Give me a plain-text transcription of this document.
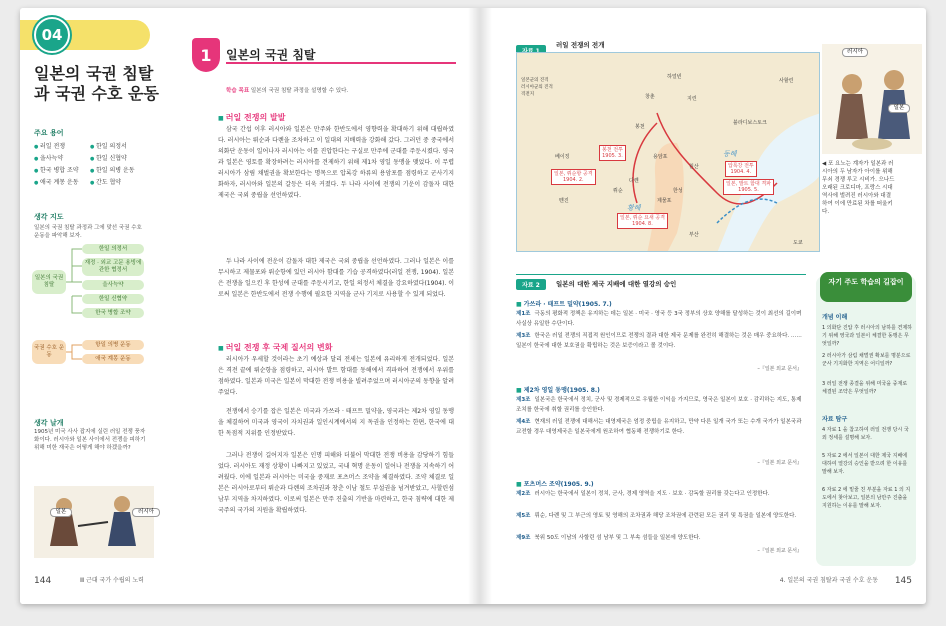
04
일본의 국권 침탈과 국권 수호 운동
주요 용어
● 러일 전쟁	● 한일 의정서
● 을사늑약	● 한일 신협약
● 한국 병합 조약	● 한일 의병 운동
● 애국 계몽 운동	● 간도 협약
생각 지도
일본의 국권 침탈 과정과 그에 맞선 국권 수호 운동을 파악해 보자.
일본의 국권 침탈
한일 의정서
재정 · 외교 고문 용빙에 관한 협정서
을사늑약
한일 신협약
한국 병합 조약
국권 수호 운동
항일 의병 운동
애국 계몽 운동
생각 날개
1905년 미국 사사 잡지에 실린 러일 전쟁 풍자화이다. 러시아와 일본 사이에서 전쟁을 피하기 위해 미한 재국은 어떻게 해야 하겠을까?
일본	러시아
144	Ⅲ 근대 국가 수립의 노력
1	일본의 국권 침탈
학습 목표 일본의 국권 침탈 과정을 설명할 수 있다.
■ 러일 전쟁의 발발
삼국 간섭 이후 러시아와 일본은 만주와 한반도에서 영향력을 확대하기 위해 대립하였다. 러시아는 뤼순과 다롄을 조차하고 이 일대의 지배력을 강화해 갔다. 그러던 중 중국에서 의화단 운동이 일어나자 러시아는 이를 진압한다는 구실로 만주에 군대를 주둔시켰다. 영국과 일본은 영토를 확장하려는 러시아를 견제하기 위해 제1차 영일 동맹을 맺었다. 이 무렵 러시아가 삼림 채벌권을 확보한다는 명목으로 압록강 하류의 용암포를 점령하고 군사기지화하자, 러시아와 일본의 갈등은 더욱 커졌다. 두 나라 사이에 전쟁의 기운이 감돌자 대한 제국은 국외 중립을 선언하였다.
두 나라 사이에 전운이 감돌자 대한 제국은 국외 중립을 선언하였다. 그러나 일본은 이를 무시하고 제물포와 뤼순항에 있던 러시아 함대를 기습 공격하였다(러일 전쟁, 1904). 일본은 전쟁을 일으킨 후 한성에 군대를 주둔시키고, 한일 의정서 체결을 강요하였다(1904). 이로써 일본은 한반도에서 전쟁 수행에 필요한 지역을 군사 기지로 사용할 수 있게 되었다.
■ 러일 전쟁 후 국제 질서의 변화
러시아가 우세할 것이라는 초기 예상과 달리 전세는 일본에 유리하게 전개되었다. 일본은 격전 끝에 뤼순항을 점령하고, 러시아 발트 함대를 동해에서 격파하여 전쟁에서 우위를 점하였다. 일본과 미국은 일본이 막대한 전쟁 비용을 빌려주었으며 러시아군의 동향을 알려 주었다.
전쟁에서 승기를 잡은 일본은 미국과 가쓰라 · 태프트 밀약을, 영국과는 제2차 영일 동맹을 체결하여 미국과 영국이 자치권과 일인시계에서의 지 독권을 인정하는 한편, 한국에 대한 독점적 지위를 인정받았다.
그러나 전쟁이 길어지자 일본은 인명 피해와 더불어 막대한 전쟁 비용을 감당하기 힘들었다. 러시아도 재정 상황이 나빠지고 있었고, 국내 혁명 운동이 일어나 전쟁을 지속하기 어려웠다. 이에 일본과 러시아는 미국을 중재로 포츠머스 조약을 체결하였다. 조약 체결로 일본은 러시아로부터 뤼순과 다롄의 조차권과 창춘 이남 철도 부설권을 넘겨받았고, 사할린섬 남부 지역을 차지하였다. 이로써 일본은 만주 진출의 기반을 마련하고, 한국 침략에 대한 제국주의 국가의 지원을 확립하였다.
러일 전쟁의 전개
일본군의 진격
러시아군의 진격
격전지
봉천 전투
1905. 3.
압록강 전투
1904. 4.
일본, 뤼순항 공격
1904. 2.
일본, 뤼순 요새 공격
1904. 8.
일본, 발트 함대 격파
1905. 5.
하얼빈
지린
창춘
봉천
뤼순
다롄
베이징
톈진	제물포
한성
원산
부산
블라디보스토크
사할린
도쿄
용암포	동해
황해
러시아
일본
◀ 포 요노는 계자가 일본과 러시아의 두 남자가 아이를 위해 무쇠 경쟁 루고 시비가. 으나드 오래된 크로디마, 프랑스 시대 역사에 벌려진 러시아와 대결하여 이에 만료된 차를 떠울키다.
자료 2	일본의 대한 제국 지배에 대한 열강의 승인
■ 가쓰라 · 태프트 밀약(1905. 7.)
제1조 극동의 평화적 정책은 유지하는 데는 일본 · 미국 · 영국 등 3국 정부의 상호 양해를 달성하는 것이 최선의 길이며 사실상 유일한 수단이다.
제3조 한국은 러일 전쟁의 직접적 원인이므로 전쟁의 결과 대한 제국 문제를 완전히 해결하는 것은 매우 중요하다. …… 일본이 한국에 대한 보호권을 확립하는 것은 보증이라고 볼 것이다.
–『일본 외교 문서』
■ 제2차 영일 동맹(1905. 8.)
제3조 일본국은 한국에서 정치, 군사 및 경제적으로 우월한 이익을 가지므로, 영국은 일본이 보호 · 감리하는 지도, 통제 조치를 한국에 취할 권리를 승인한다.
제4조 현재의 러일 전쟁에 대해서는 대영제국은 엄정 중립을 유지하고, 만약 다른 일개 국가 또는 수개 국가가 일본국과 교전할 경우 대영제국은 일본국에게 원조하여 협동해 전쟁하기로 한다.
–『일본 외교 문서』
■ 포츠머스 조약(1905. 9.)
제2조 러시아는 한국에서 일본이 정치, 군사, 경제 영역을 지도 · 보호 · 감독할 권리를 갖는다고 인정한다.
제5조 뤼순, 다롄 및 그 부근의 영토 및 영해의 조차권과 해당 조차권에 관련된 모든 권리 및 특권을 일본에 양도한다.
제9조 북위 50도 이남의 사할린 섬 남부 및 그 부속 섬들을 일본에 양도한다.
–『일본 외교 문서』
자기 주도 학습의 길잡이
개념 이해
1 의화단 진압 후 러시아의 남하를 견제하기 위해 영국과 일본이 체결한 동맹은 무엇일까?
2 러시아가 삼림 채벌권 확보를 명분으로 군사 기지화한 지역은 어디일까?
3 러일 전쟁 종결을 위해 미국을 중재로 체결된 조약은 무엇일까?
자료 탐구
4 자료 1 을 참고하여 러일 전쟁 당시 국외 정세를 설명해 보자.
5 자료 2 에서 일본이 대한 제국 지배에 대하여 열강의 승인을 받으려 한 이유를 말해 보자.
6 자료 2 에 밑줄 친 부분을 자료 1 의 지도에서 찾아보고, 일본의 남만주 진출을 지원하는 이유를 말해 보자.
4. 일본의 국권 침탈과 국권 수호 운동 145
